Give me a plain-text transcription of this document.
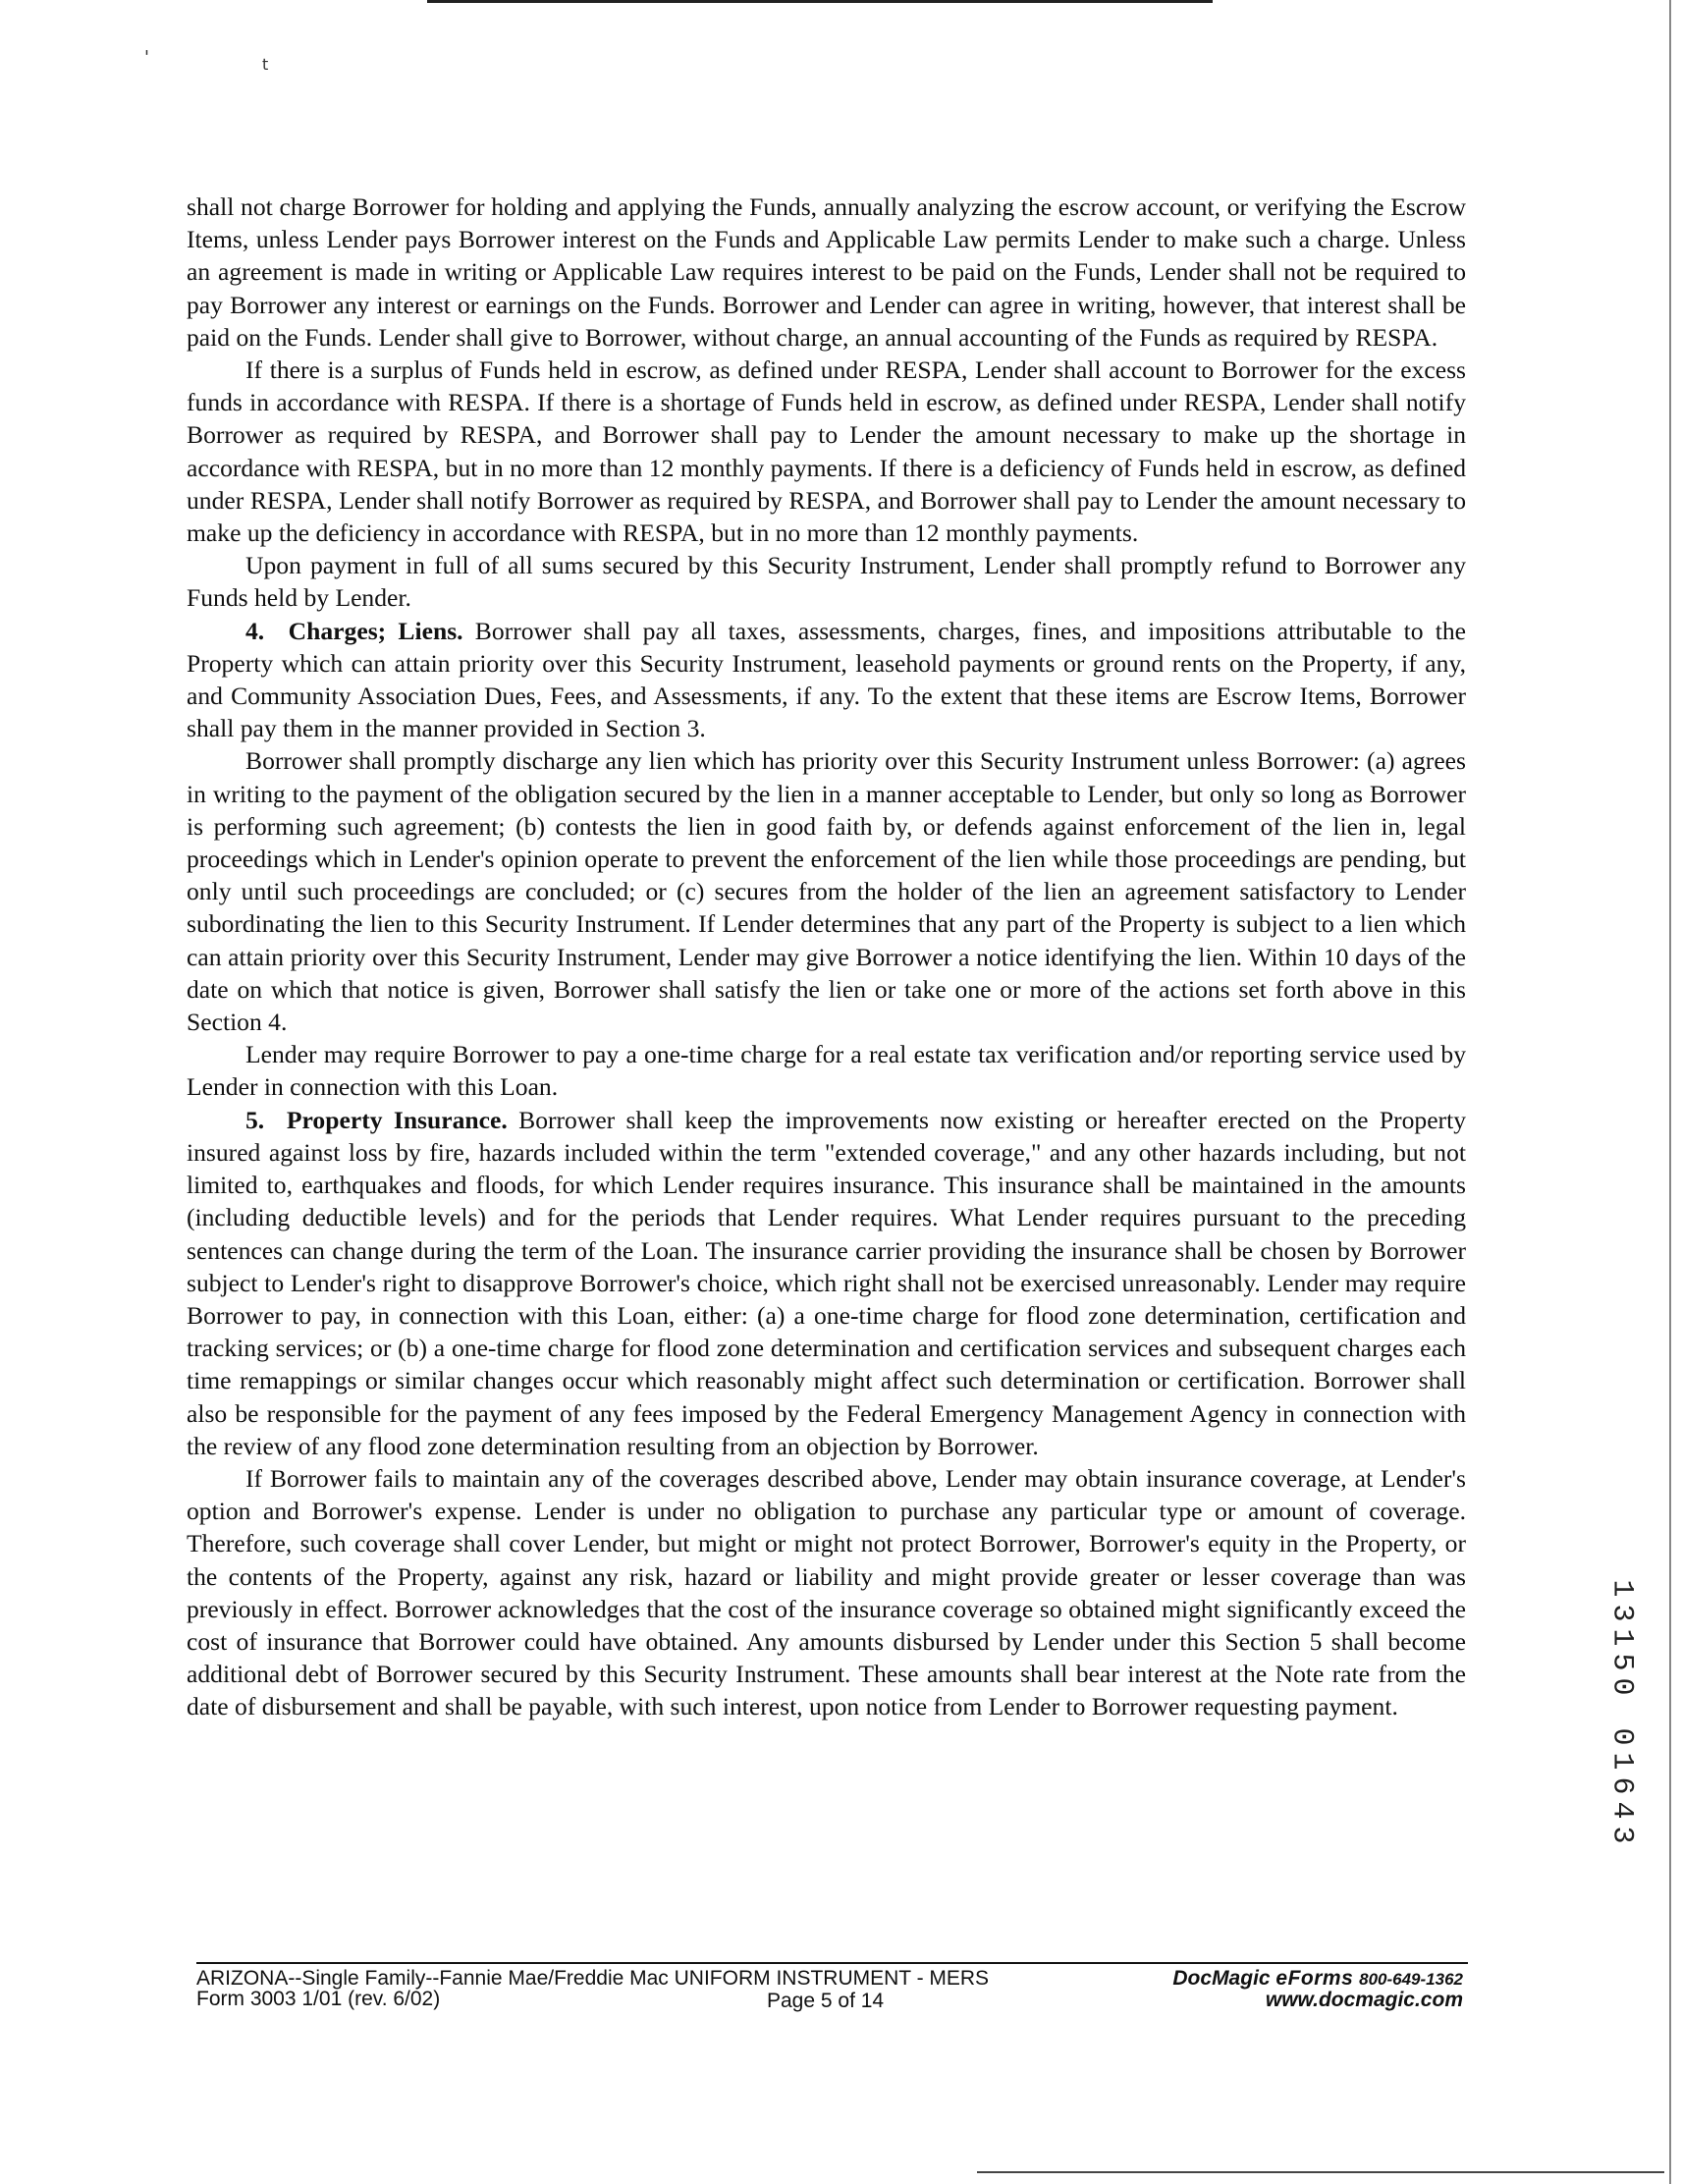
'	t

shall not charge Borrower for holding and applying the Funds, annually analyzing the escrow account, or verifying the Escrow Items, unless Lender pays Borrower interest on the Funds and Applicable Law permits Lender to make such a charge. Unless an agreement is made in writing or Applicable Law requires interest to be paid on the Funds, Lender shall not be required to pay Borrower any interest or earnings on the Funds. Borrower and Lender can agree in writing, however, that interest shall be paid on the Funds. Lender shall give to Borrower, without charge, an annual accounting of the Funds as required by RESPA.

If there is a surplus of Funds held in escrow, as defined under RESPA, Lender shall account to Borrower for the excess funds in accordance with RESPA. If there is a shortage of Funds held in escrow, as defined under RESPA, Lender shall notify Borrower as required by RESPA, and Borrower shall pay to Lender the amount necessary to make up the shortage in accordance with RESPA, but in no more than 12 monthly payments. If there is a deficiency of Funds held in escrow, as defined under RESPA, Lender shall notify Borrower as required by RESPA, and Borrower shall pay to Lender the amount necessary to make up the deficiency in accordance with RESPA, but in no more than 12 monthly payments.

Upon payment in full of all sums secured by this Security Instrument, Lender shall promptly refund to Borrower any Funds held by Lender.

4. Charges; Liens. Borrower shall pay all taxes, assessments, charges, fines, and impositions attributable to the Property which can attain priority over this Security Instrument, leasehold payments or ground rents on the Property, if any, and Community Association Dues, Fees, and Assessments, if any. To the extent that these items are Escrow Items, Borrower shall pay them in the manner provided in Section 3.

Borrower shall promptly discharge any lien which has priority over this Security Instrument unless Borrower: (a) agrees in writing to the payment of the obligation secured by the lien in a manner acceptable to Lender, but only so long as Borrower is performing such agreement; (b) contests the lien in good faith by, or defends against enforcement of the lien in, legal proceedings which in Lender's opinion operate to prevent the enforcement of the lien while those proceedings are pending, but only until such proceedings are concluded; or (c) secures from the holder of the lien an agreement satisfactory to Lender subordinating the lien to this Security Instrument. If Lender determines that any part of the Property is subject to a lien which can attain priority over this Security Instrument, Lender may give Borrower a notice identifying the lien. Within 10 days of the date on which that notice is given, Borrower shall satisfy the lien or take one or more of the actions set forth above in this Section 4.

Lender may require Borrower to pay a one-time charge for a real estate tax verification and/or reporting service used by Lender in connection with this Loan.

5. Property Insurance. Borrower shall keep the improvements now existing or hereafter erected on the Property insured against loss by fire, hazards included within the term "extended coverage," and any other hazards including, but not limited to, earthquakes and floods, for which Lender requires insurance. This insurance shall be maintained in the amounts (including deductible levels) and for the periods that Lender requires. What Lender requires pursuant to the preceding sentences can change during the term of the Loan. The insurance carrier providing the insurance shall be chosen by Borrower subject to Lender's right to disapprove Borrower's choice, which right shall not be exercised unreasonably. Lender may require Borrower to pay, in connection with this Loan, either: (a) a one-time charge for flood zone determination, certification and tracking services; or (b) a one-time charge for flood zone determination and certification services and subsequent charges each time remappings or similar changes occur which reasonably might affect such determination or certification. Borrower shall also be responsible for the payment of any fees imposed by the Federal Emergency Management Agency in connection with the review of any flood zone determination resulting from an objection by Borrower.

If Borrower fails to maintain any of the coverages described above, Lender may obtain insurance coverage, at Lender's option and Borrower's expense. Lender is under no obligation to purchase any particular type or amount of coverage. Therefore, such coverage shall cover Lender, but might or might not protect Borrower, Borrower's equity in the Property, or the contents of the Property, against any risk, hazard or liability and might provide greater or lesser coverage than was previously in effect. Borrower acknowledges that the cost of the insurance coverage so obtained might significantly exceed the cost of insurance that Borrower could have obtained. Any amounts disbursed by Lender under this Section 5 shall become additional debt of Borrower secured by this Security Instrument. These amounts shall bear interest at the Note rate from the date of disbursement and shall be payable, with such interest, upon notice from Lender to Borrower requesting payment.

1
3
1
5
0
0
1
6
4
3
ARIZONA--Single Family--Fannie Mae/Freddie Mac UNIFORM INSTRUMENT - MERS
Form 3003 1/01 (rev. 6/02)	Page 5 of 14
DocMagic eForms 800-649-1362
www.docmagic.com
